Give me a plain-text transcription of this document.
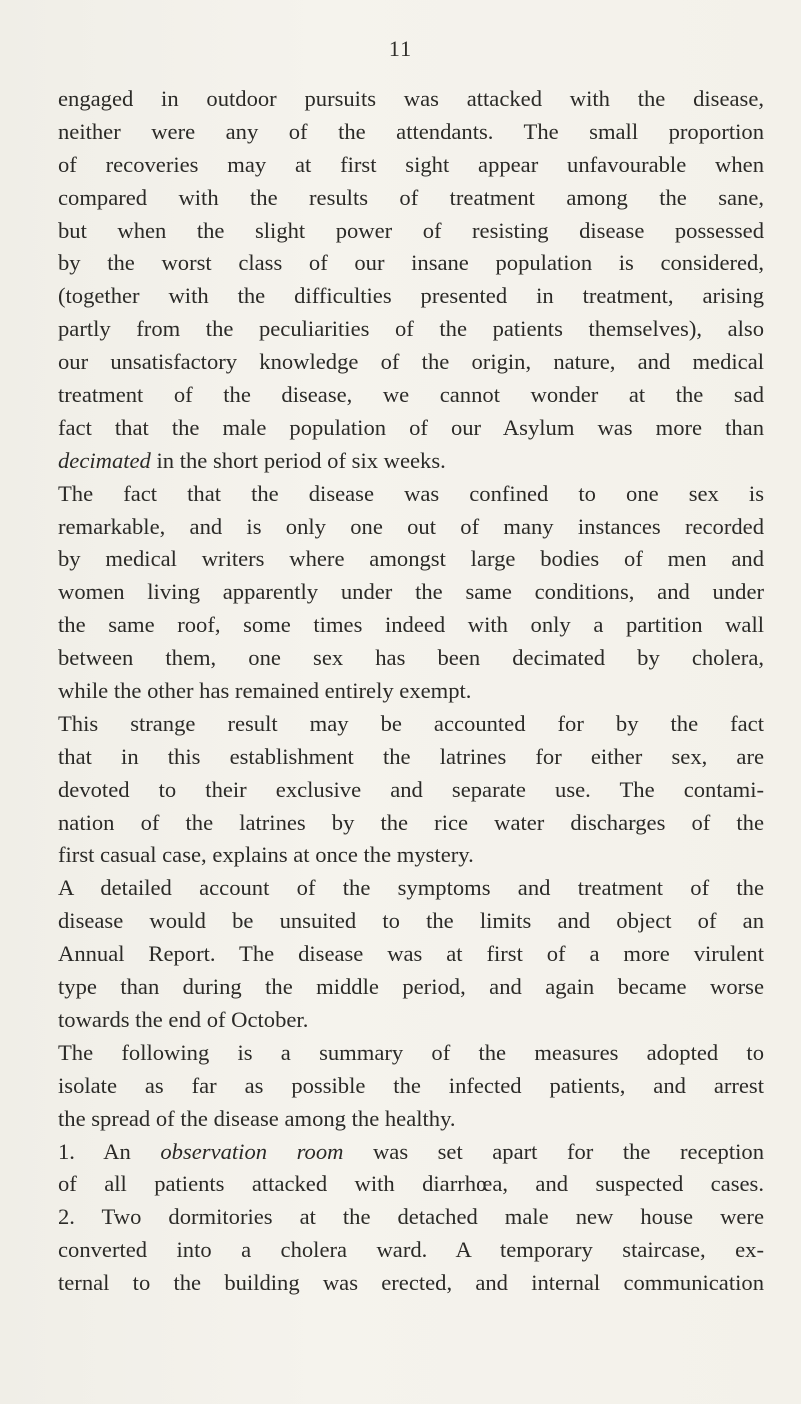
11
engaged in outdoor pursuits was attacked with the disease,
neither were any of the attendants. The small proportion
of recoveries may at first sight appear unfavourable when
compared with the results of treatment among the sane,
but when the slight power of resisting disease possessed
by the worst class of our insane population is considered,
(together with the difficulties presented in treatment, arising
partly from the peculiarities of the patients themselves), also
our unsatisfactory knowledge of the origin, nature, and medical
treatment of the disease, we cannot wonder at the sad
fact that the male population of our Asylum was more than
decimated in the short period of six weeks.
The fact that the disease was confined to one sex is
remarkable, and is only one out of many instances recorded
by medical writers where amongst large bodies of men and
women living apparently under the same conditions, and under
the same roof, some times indeed with only a partition wall
between them, one sex has been decimated by cholera,
while the other has remained entirely exempt.
This strange result may be accounted for by the fact
that in this establishment the latrines for either sex, are
devoted to their exclusive and separate use. The contami-
nation of the latrines by the rice water discharges of the
first casual case, explains at once the mystery.
A detailed account of the symptoms and treatment of the
disease would be unsuited to the limits and object of an
Annual Report. The disease was at first of a more virulent
type than during the middle period, and again became worse
towards the end of October.
The following is a summary of the measures adopted to
isolate as far as possible the infected patients, and arrest
the spread of the disease among the healthy.
1. An observation room was set apart for the reception
of all patients attacked with diarrhœa, and suspected cases.
2. Two dormitories at the detached male new house were
converted into a cholera ward. A temporary staircase, ex-
ternal to the building was erected, and internal communication
